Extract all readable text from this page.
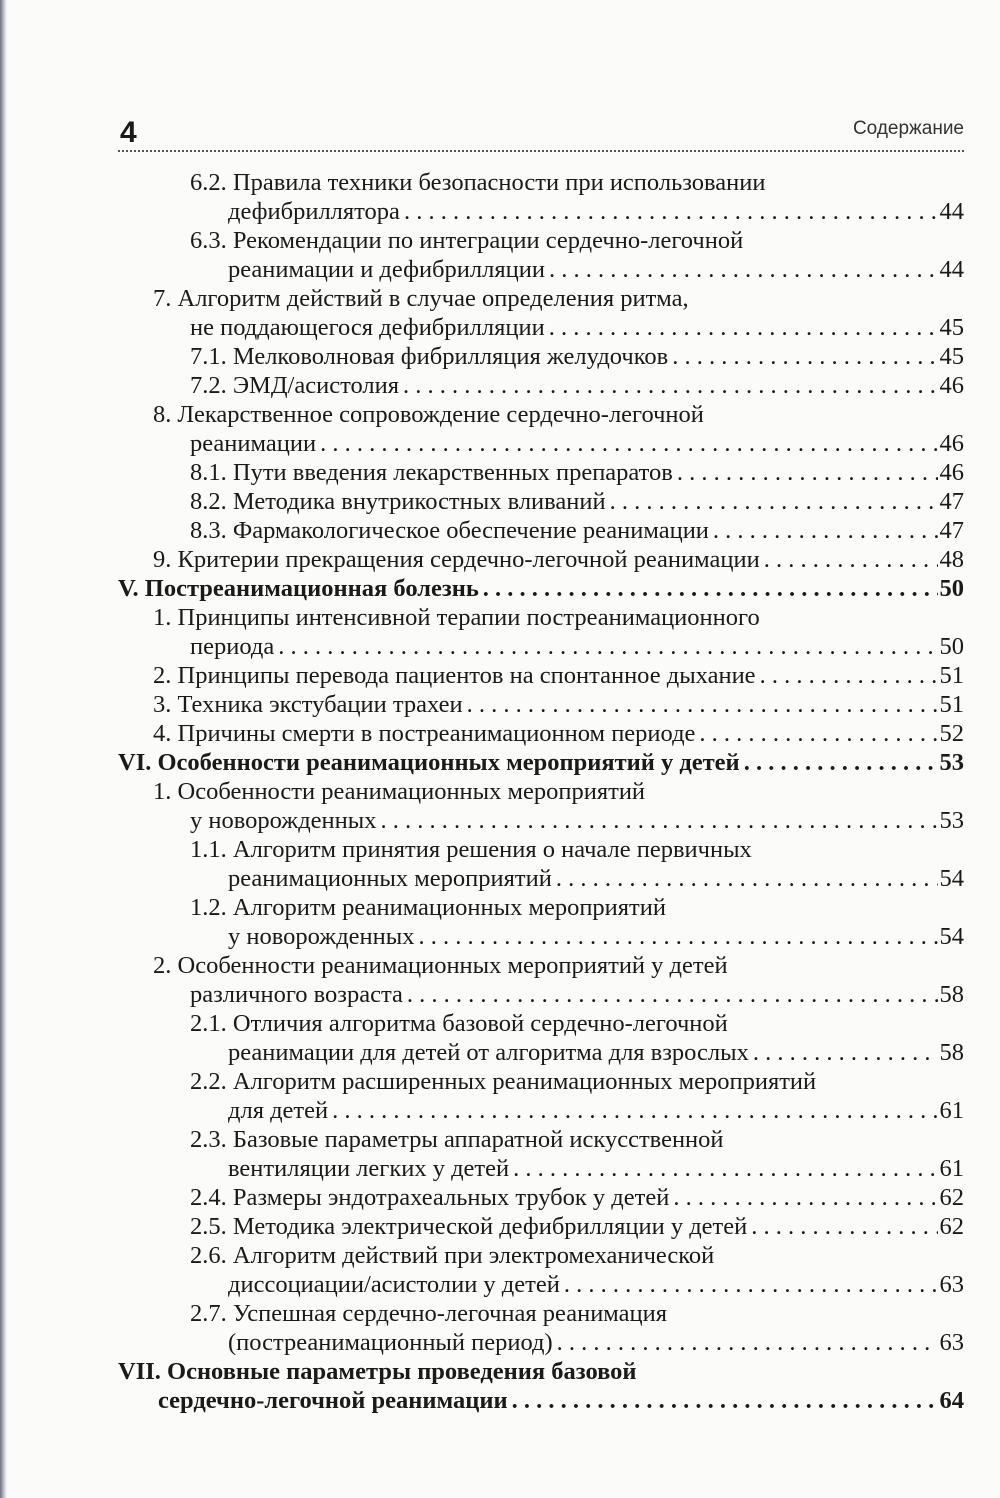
4	Содержание
6.2. Правила техники безопасности при использовании
дефибриллятора . . .	44
6.3. Рекомендации по интеграции сердечно-легочной
реанимации и дефибрилляции . . .	44
7. Алгоритм действий в случае определения ритма,
не поддающегося дефибрилляции . . .	45
7.1. Мелковолновая фибрилляция желудочков . . .	45
7.2. ЭМД/асистолия . . .	46
8. Лекарственное сопровождение сердечно-легочной
реанимации . . .	46
8.1. Пути введения лекарственных препаратов . . .	46
8.2. Методика внутрикостных вливаний . . .	47
8.3. Фармакологическое обеспечение реанимации . . .	47
9. Критерии прекращения сердечно-легочной реанимации . . .	48
V. Постреанимационная болезнь . . .	50
1. Принципы интенсивной терапии постреанимационного
периода . . .	50
2. Принципы перевода пациентов на спонтанное дыхание . . .	51
3. Техника экстубации трахеи . . .	51
4. Причины смерти в постреанимационном периоде . . .	52
VI. Особенности реанимационных мероприятий у детей . . .	53
1. Особенности реанимационных мероприятий
у новорожденных . . .	53
1.1. Алгоритм принятия решения о начале первичных
реанимационных мероприятий . . .	54
1.2. Алгоритм реанимационных мероприятий
у новорожденных . . .	54
2. Особенности реанимационных мероприятий у детей
различного возраста . . .	58
2.1. Отличия алгоритма базовой сердечно-легочной
реанимации для детей от алгоритма для взрослых . . .	58
2.2. Алгоритм расширенных реанимационных мероприятий
для детей . . .	61
2.3. Базовые параметры аппаратной искусственной
вентиляции легких у детей . . .	61
2.4. Размеры эндотрахеальных трубок у детей . . .	62
2.5. Методика электрической дефибрилляции у детей . . .	62
2.6. Алгоритм действий при электромеханической
диссоциации/асистолии у детей . . .	63
2.7. Успешная сердечно-легочная реанимация
(постреанимационный период) . . .	63
VII. Основные параметры проведения базовой
сердечно-легочной реанимации . . .	64
